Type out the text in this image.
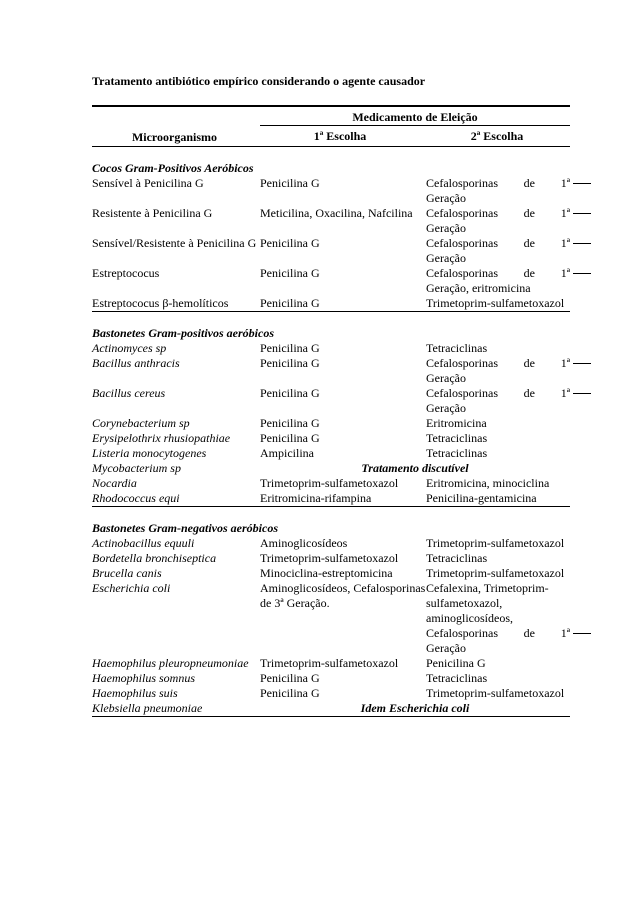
Tratamento antibiótico empírico considerando o agente causador
Medicamento de Eleição
Microorganismo	1ª Escolha	2ª Escolha
Cocos Gram-Positivos Aeróbicos
Sensível à Penicilina G	Penicilina G	Cefalosporinas de 1ª
Geração

Resistente à Penicilina G	Meticilina, Oxacilina, Nafcilina	Cefalosporinas de 1ª
Geração

Sensível/Resistente à Penicilina G	Penicilina G	Cefalosporinas de 1ª
Geração

Estreptococus	Penicilina G	Cefalosporinas de 1ª
Geração, eritromicina

Estreptococus β-hemolíticos	Penicilina G	Trimetoprim-sulfametoxazol
Bastonetes Gram-positivos aeróbicos
Actinomyces sp	Penicilina G	Tetraciclinas
Bacillus anthracis	Penicilina G	Cefalosporinas de 1ª
Geração

Bacillus cereus	Penicilina G	Cefalosporinas de 1ª
Geração

Corynebacterium sp	Penicilina G	Eritromicina
Erysipelothrix rhusiopathiae	Penicilina G	Tetraciclinas
Listeria monocytogenes	Ampicilina	Tetraciclinas
Mycobacterium sp	Tratamento discutível	
Nocardia	Trimetoprim-sulfametoxazol	Eritromicina, minociclina
Rhodococcus equi	Eritromicina-rifampina	Penicilina-gentamicina
Bastonetes Gram-negativos aeróbicos
Actinobacillus equuli	Aminoglicosídeos	Trimetoprim-sulfametoxazol
Bordetella bronchiseptica	Trimetoprim-sulfametoxazol	Tetraciclinas
Brucella canis	Minociclina-estreptomicina	Trimetoprim-sulfametoxazol
Escherichia coli	Aminoglicosídeos, Cefalosporinas de 3ª Geração.	Cefalexina, Trimetoprim-sulfametoxazol, aminoglicosídeos,
Cefalosporinas de 1ª
Geração

Haemophilus pleuropneumoniae	Trimetoprim-sulfametoxazol	Penicilina G
Haemophilus somnus	Penicilina G	Tetraciclinas
Haemophilus suis	Penicilina G	Trimetoprim-sulfametoxazol
Klebsiella pneumoniae	Idem Escherichia coli	
